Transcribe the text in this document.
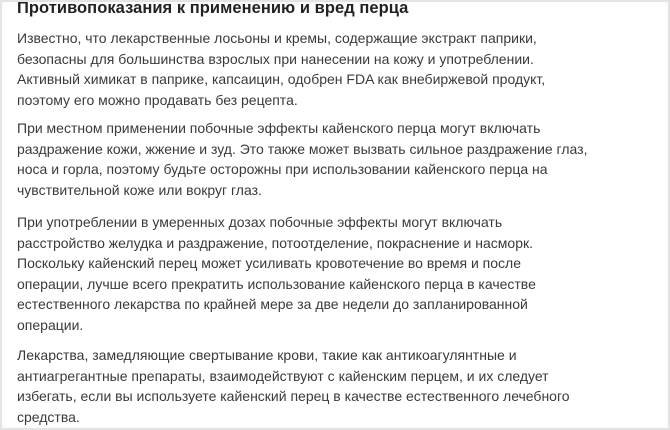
Противопоказания к применению и вред перца

Известно, что лекарственные лосьоны и кремы, содержащие экстракт паприки,
безопасны для большинства взрослых при нанесении на кожу и употреблении.
Активный химикат в паприке, капсаицин, одобрен FDA как внебиржевой продукт,
поэтому его можно продавать без рецепта.

При местном применении побочные эффекты кайенского перца могут включать
раздражение кожи, жжение и зуд. Это также может вызвать сильное раздражение глаз,
носа и горла, поэтому будьте осторожны при использовании кайенского перца на
чувствительной коже или вокруг глаз.

При употреблении в умеренных дозах побочные эффекты могут включать
расстройство желудка и раздражение, потоотделение, покраснение и насморк.
Поскольку кайенский перец может усиливать кровотечение во время и после
операции, лучше всего прекратить использование кайенского перца в качестве
естественного лекарства по крайней мере за две недели до запланированной
операции.

Лекарства, замедляющие свертывание крови, такие как антикоагулянтные и
антиагрегантные препараты, взаимодействуют с кайенским перцем, и их следует
избегать, если вы используете кайенский перец в качестве естественного лечебного
средства.
